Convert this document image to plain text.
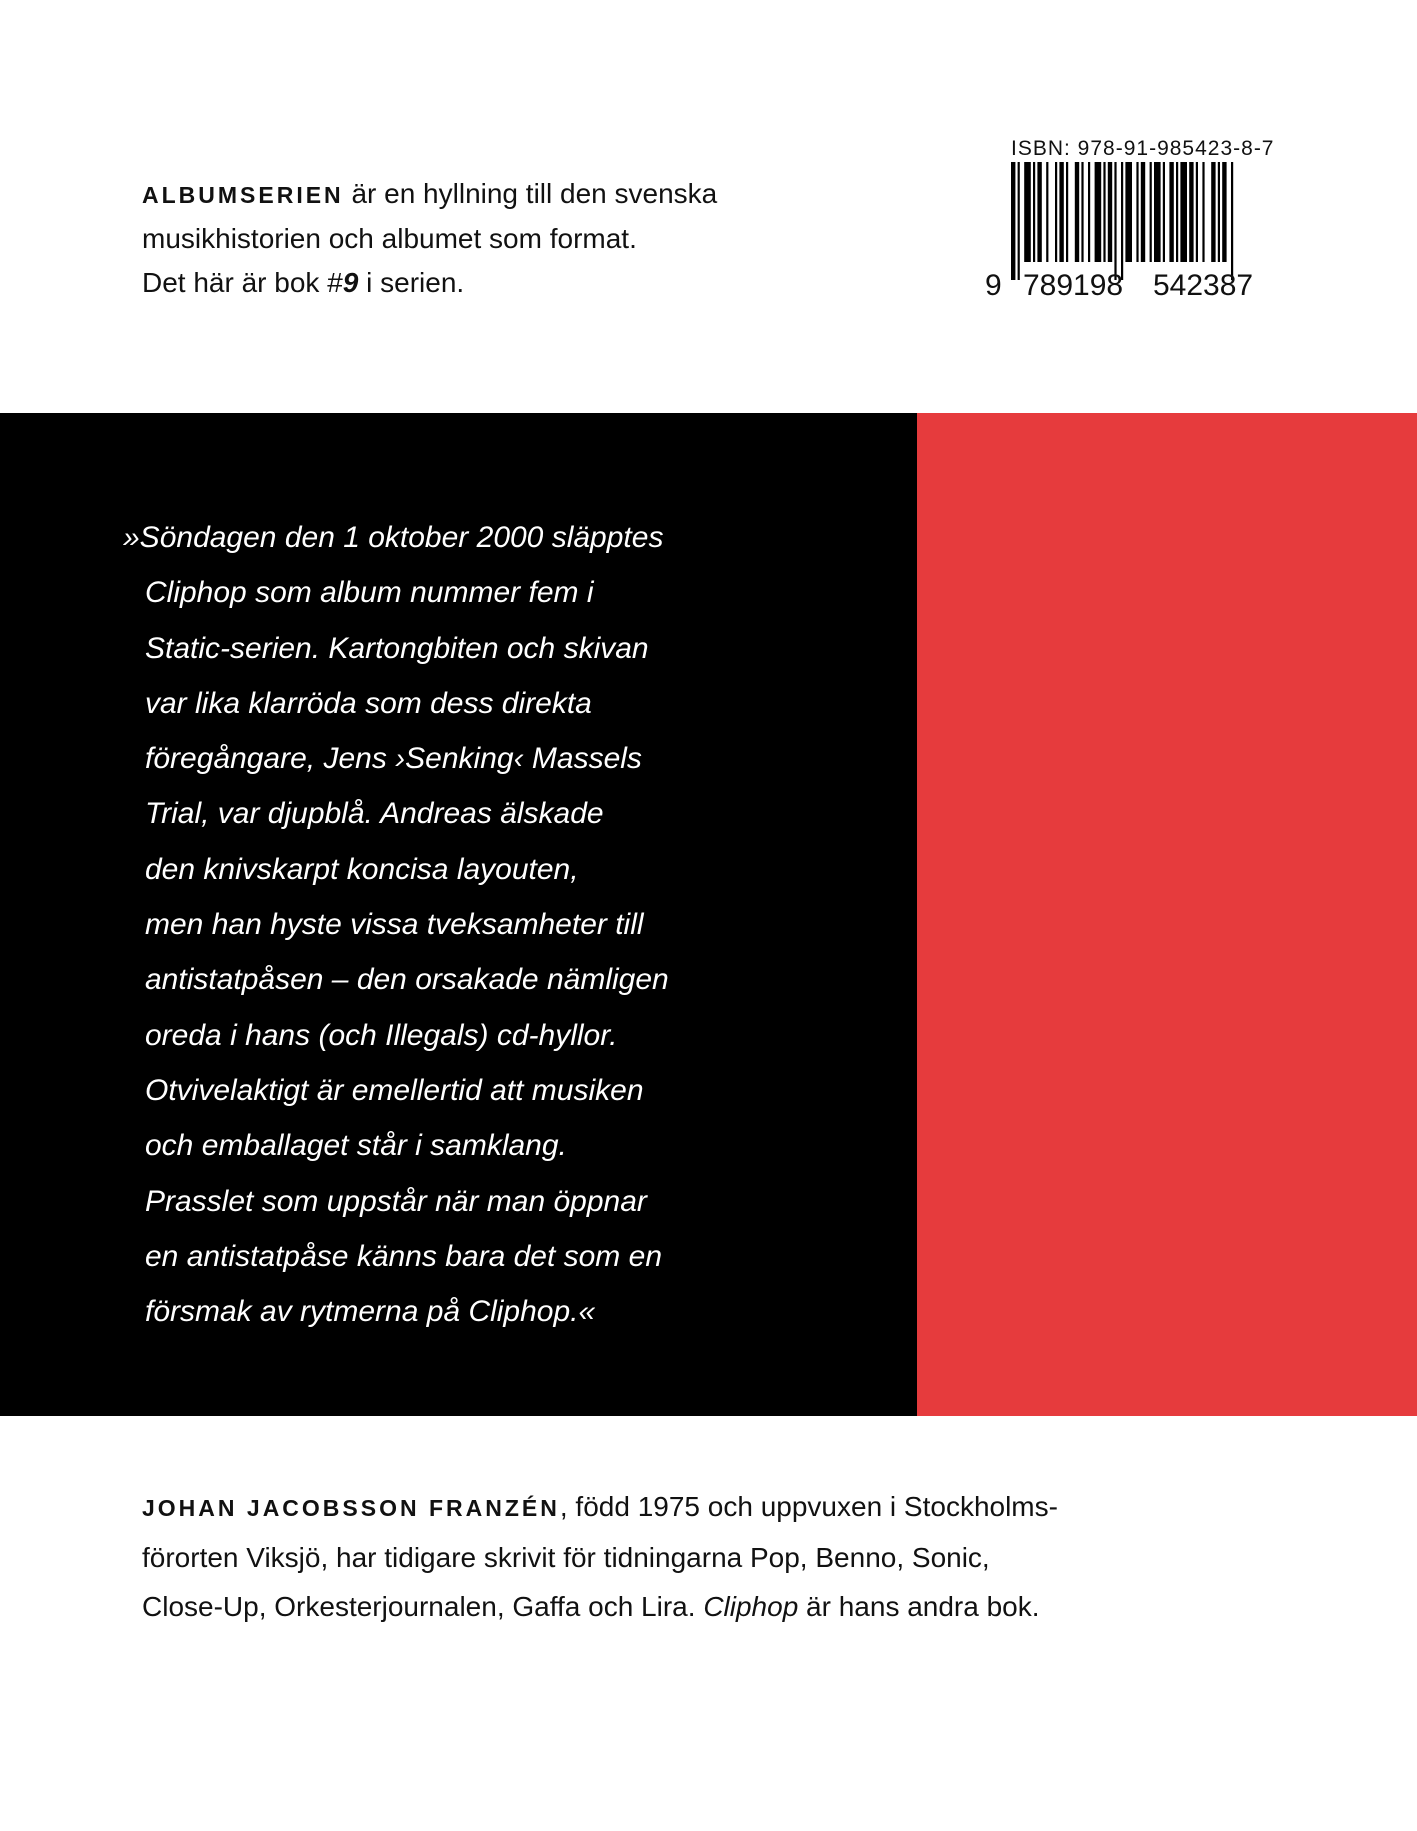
ALBUMSERIEN är en hyllning till den svenska
musikhistorien och albumet som format.
Det här är bok #9 i serien.
ISBN: 978-91-985423-8-7
9 789198 542387
»Söndagen den 1 oktober 2000 släpptes
Cliphop som album nummer fem i
Static-serien. Kartongbiten och skivan
var lika klarröda som dess direkta
föregångare, Jens ›Senking‹ Massels
Trial, var djupblå. Andreas älskade
den knivskarpt koncisa layouten,
men han hyste vissa tveksamheter till
antistatpåsen – den orsakade nämligen
oreda i hans (och Illegals) cd-hyllor.
Otvivelaktigt är emellertid att musiken
och emballaget står i samklang.
Prasslet som uppstår när man öppnar
en antistatpåse känns bara det som en
försmak av rytmerna på Cliphop.«
JOHAN JACOBSSON FRANZÉN, född 1975 och uppvuxen i Stockholms-
förorten Viksjö, har tidigare skrivit för tidningarna Pop, Benno, Sonic,
Close-Up, Orkesterjournalen, Gaffa och Lira. Cliphop är hans andra bok.
